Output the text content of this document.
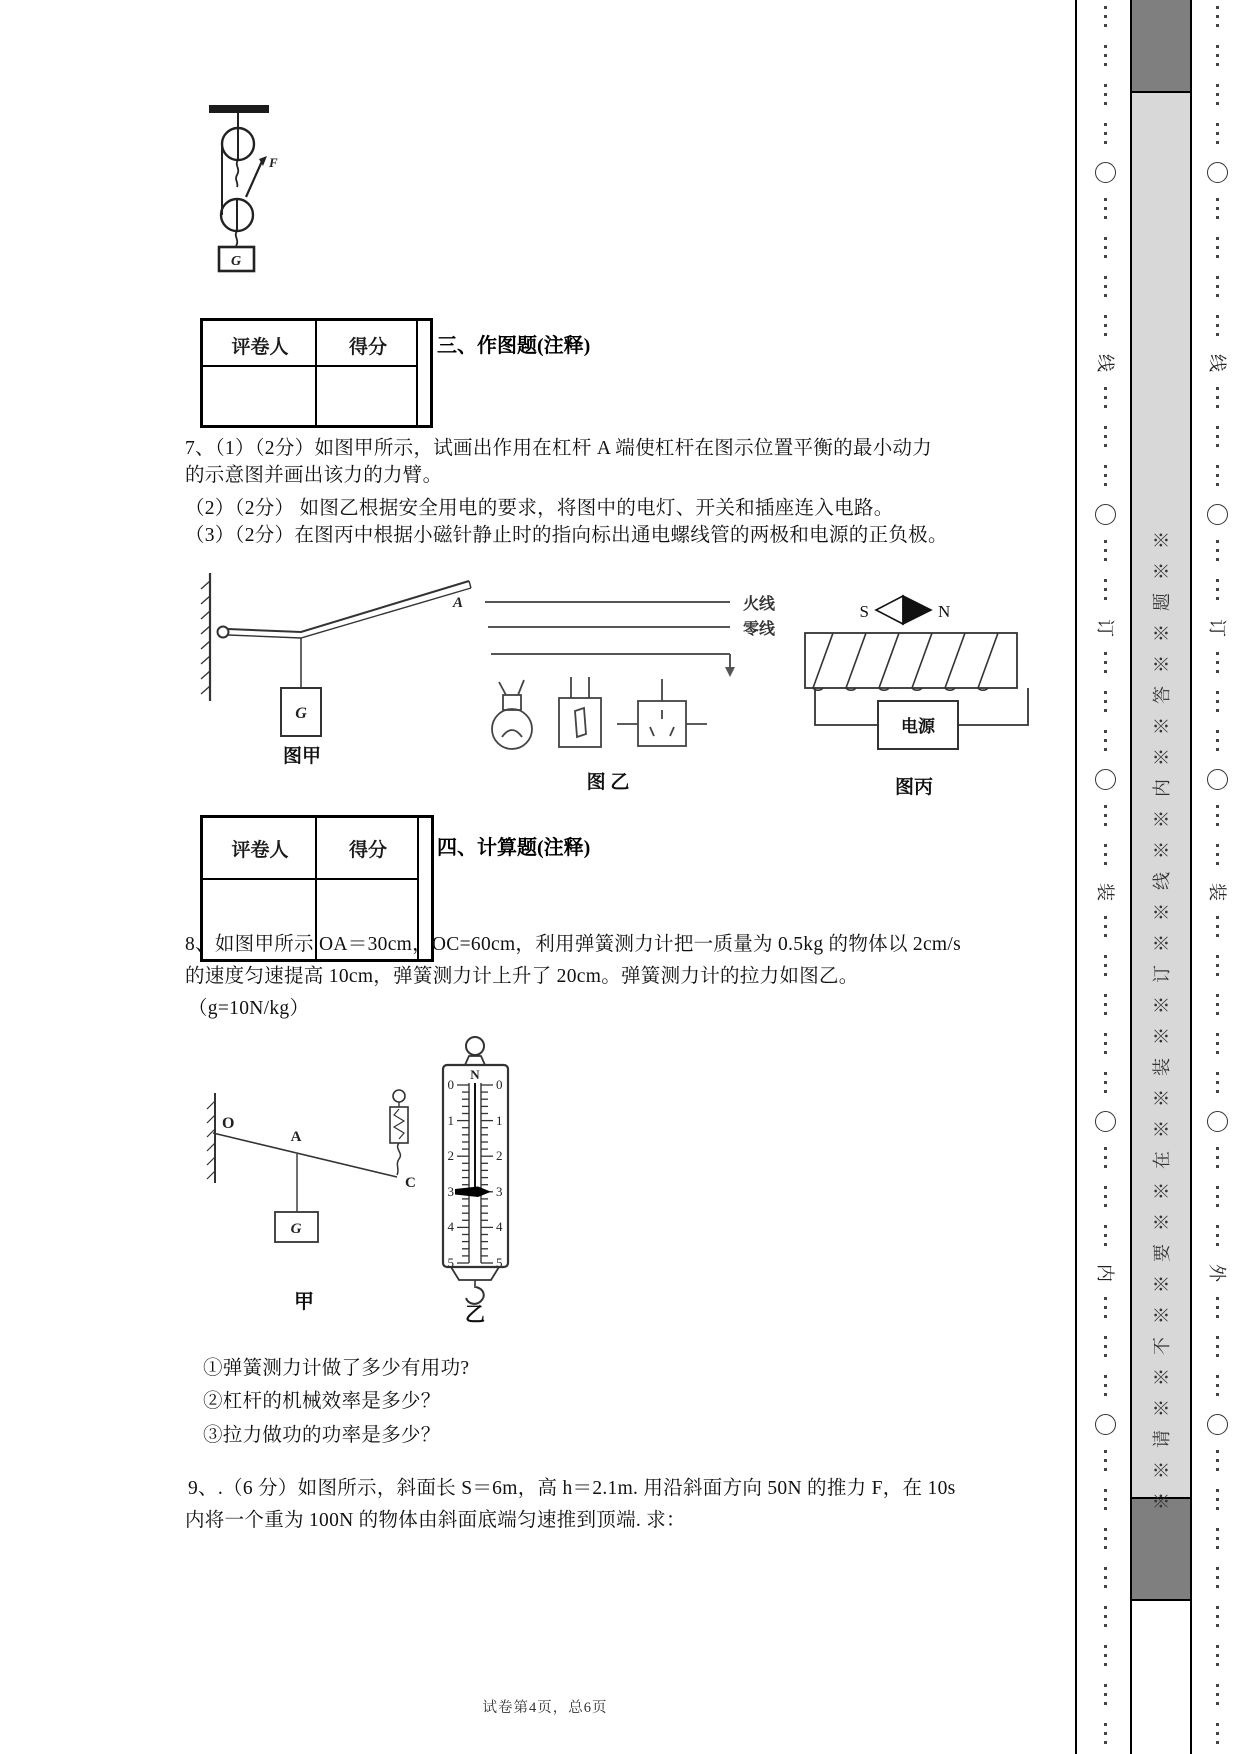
F
G
评卷人	得分 三、作图题(注释)
7、（1）（2分）如图甲所示，试画出作用在杠杆 A 端使杠杆在图示位置平衡的最小动力
的示意图并画出该力的力臂。
（2）（2分） 如图乙根据安全用电的要求，将图中的电灯、开关和插座连入电路。
（3）（2分）在图丙中根据小磁针静止时的指向标出通电螺线管的两极和电源的正负极。
A
G
图甲
火线
零线
图 乙
S	N
电源
图丙
评卷人	得分 四、计算题(注释)
8、如图甲所示 OA＝30cm，OC=60cm，利用弹簧测力计把一质量为 0.5kg 的物体以 2cm/s
的速度匀速提高 10cm，弹簧测力计上升了 20cm。弹簧测力计的拉力如图乙。
（g=10N/kg）
O
A
G
C
甲
N
0
1
2
3
4
5
0
1
2
3
4
5
乙
①弹簧测力计做了多少有用功?
②杠杆的机械效率是多少？
③拉力做功的功率是多少？
9、.（6 分）如图所示，斜面长 S＝6m，高 h＝2.1m. 用沿斜面方向 50N 的推力 F，在 10s
内将一个重为 100N 的物体由斜面底端匀速推到顶端. 求：
试卷第4页，总6页
线
订
装
内	※※请※※不※※要※※在※※装※※订※※线※※内※※答※※题※※
线
订
装
外
